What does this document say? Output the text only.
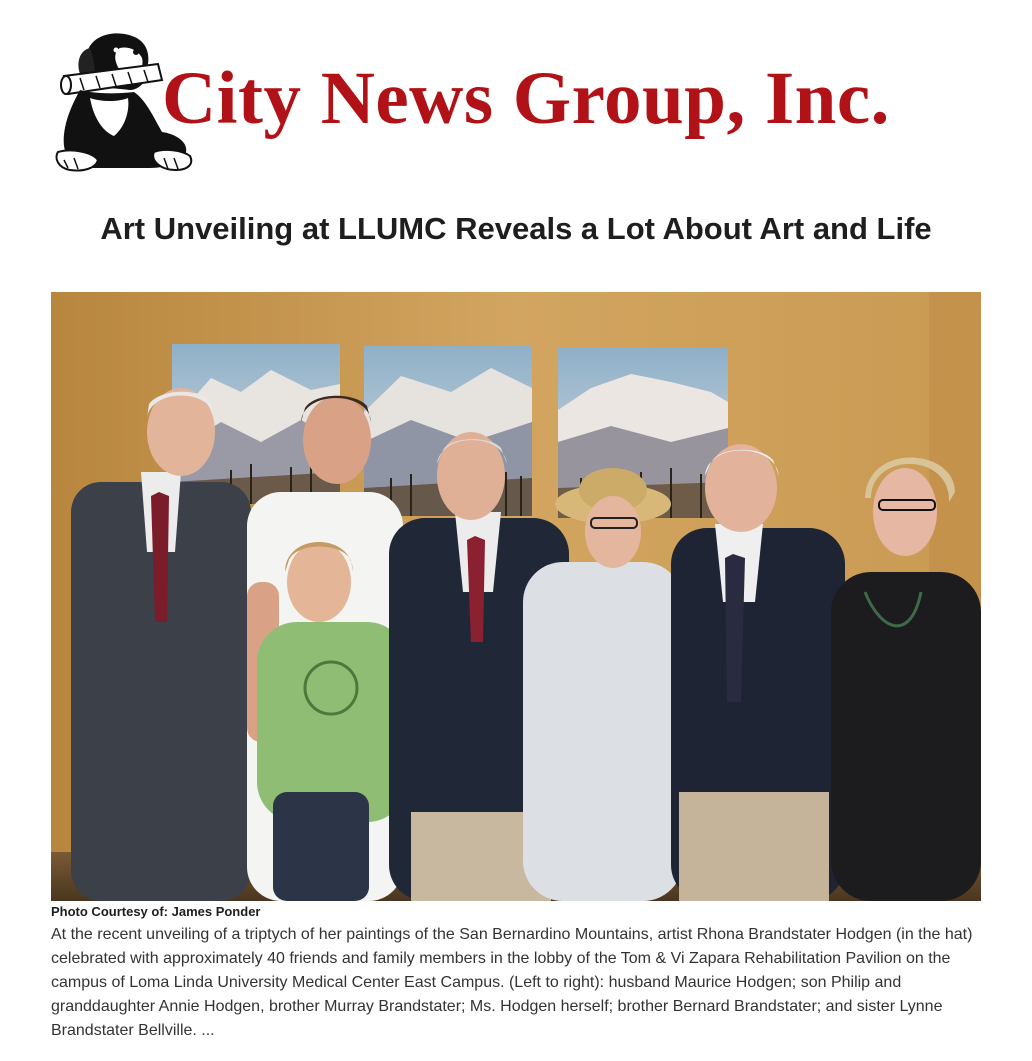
City News Group, Inc.
Art Unveiling at LLUMC Reveals a Lot About Art and Life
Photo Courtesy of: James Ponder

At the recent unveiling of a triptych of her paintings of the San Bernardino Mountains, artist Rhona Brandstater Hodgen (in the hat) celebrated with approximately 40 friends and family members in the lobby of the Tom & Vi Zapara Rehabilitation Pavilion on the campus of Loma Linda University Medical Center East Campus. (Left to right): husband Maurice Hodgen; son Philip and granddaughter Annie Hodgen, brother Murray Brandstater; Ms. Hodgen herself; brother Bernard Brandstater; and sister Lynne Brandstater Bellville. ...
